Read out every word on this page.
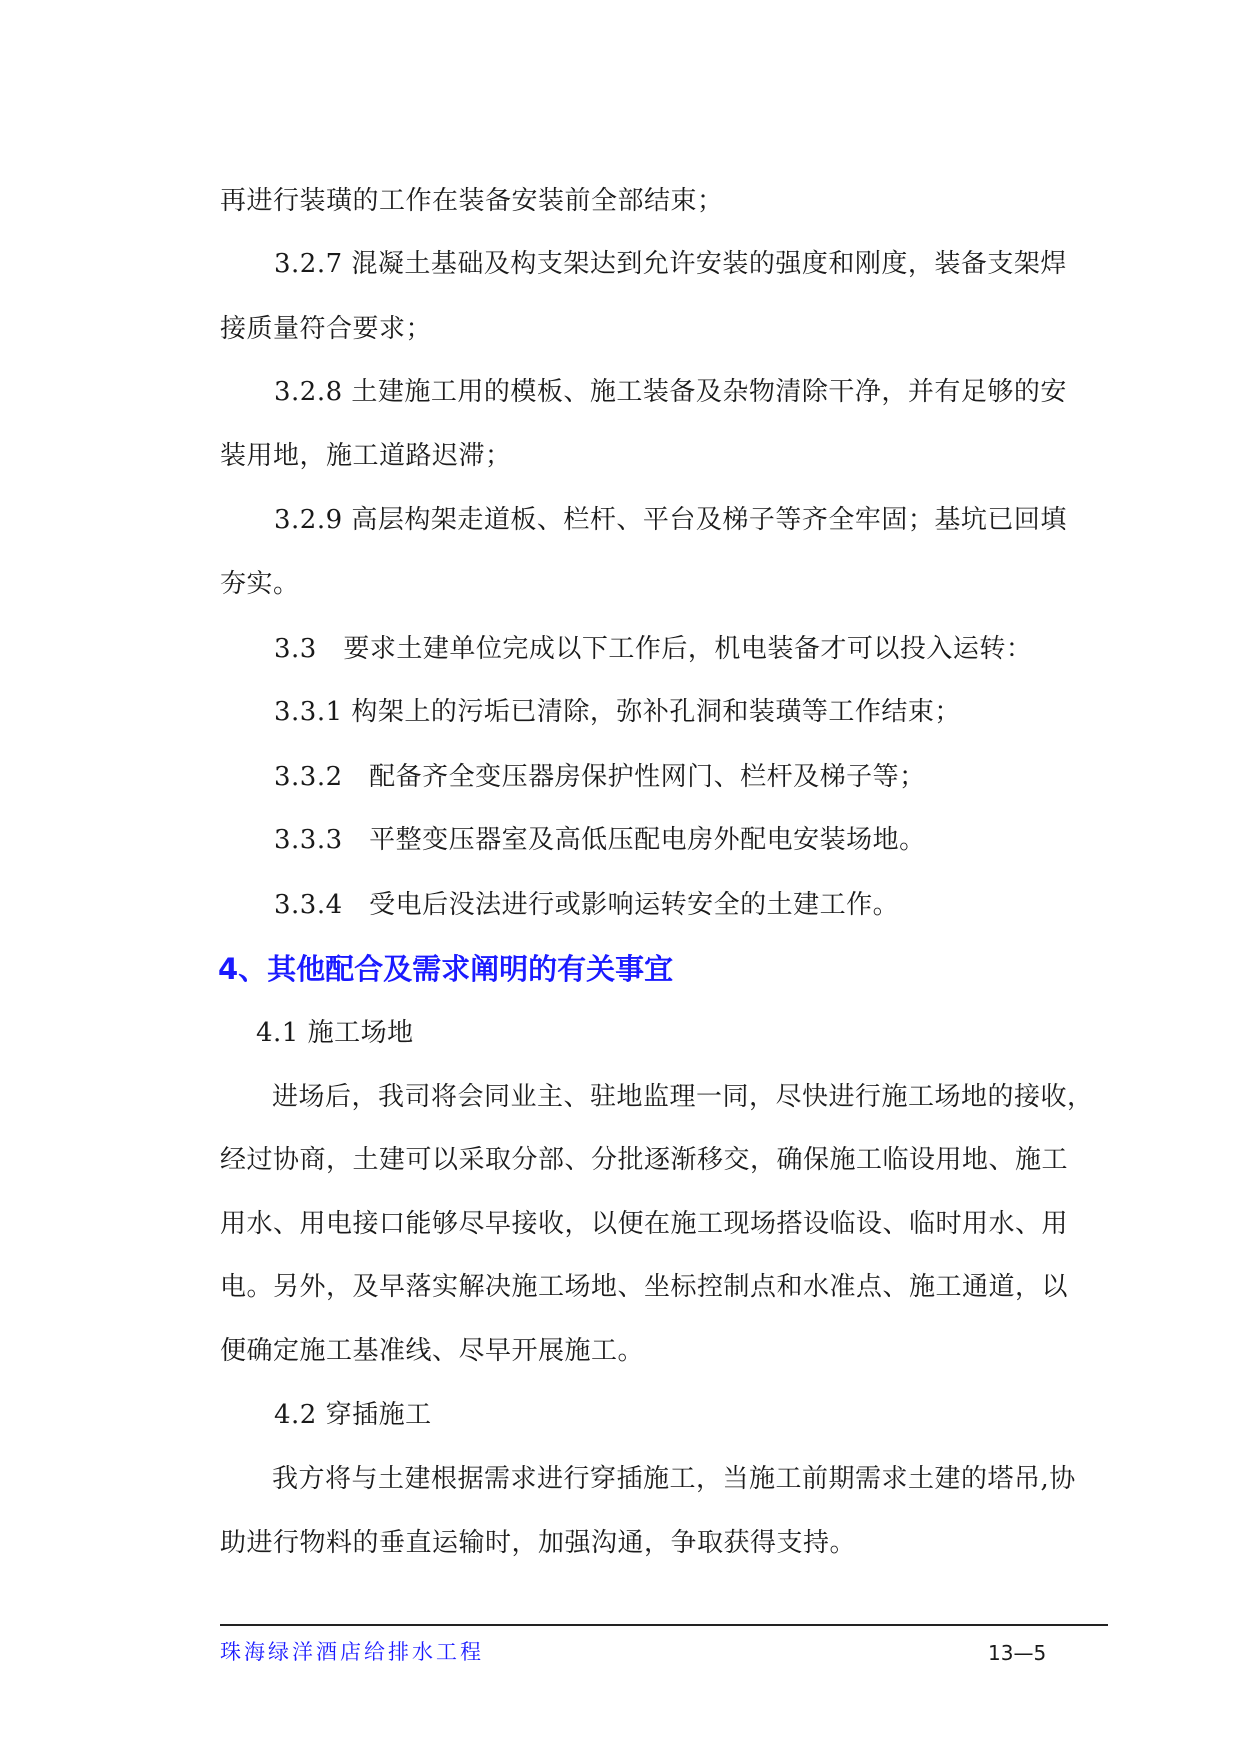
再进行装璜的工作在装备安装前全部结束；
3.2.7 混凝土基础及构支架达到允许安装的强度和刚度，装备支架焊
接质量符合要求；
3.2.8 土建施工用的模板、施工装备及杂物清除干净，并有足够的安
装用地，施工道路迟滞；
3.2.9 高层构架走道板、栏杆、平台及梯子等齐全牢固；基坑已回填
夯实。
3.3　要求土建单位完成以下工作后，机电装备才可以投入运转：
3.3.1 构架上的污垢已清除，弥补孔洞和装璜等工作结束；
3.3.2　配备齐全变压器房保护性网门、栏杆及梯子等；
3.3.3　平整变压器室及高低压配电房外配电安装场地。
3.3.4　受电后没法进行或影响运转安全的土建工作。
4、其他配合及需求阐明的有关事宜
4.1 施工场地
进场后，我司将会同业主、驻地监理一同，尽快进行施工场地的接收，
经过协商，土建可以采取分部、分批逐渐移交，确保施工临设用地、施工
用水、用电接口能够尽早接收，以便在施工现场搭设临设、临时用水、用
电。另外，及早落实解决施工场地、坐标控制点和水准点、施工通道，以
便确定施工基准线、尽早开展施工。
4.2 穿插施工
我方将与土建根据需求进行穿插施工，当施工前期需求土建的塔吊,协
助进行物料的垂直运输时，加强沟通，争取获得支持。
珠海绿洋酒店给排水工程	13—5
